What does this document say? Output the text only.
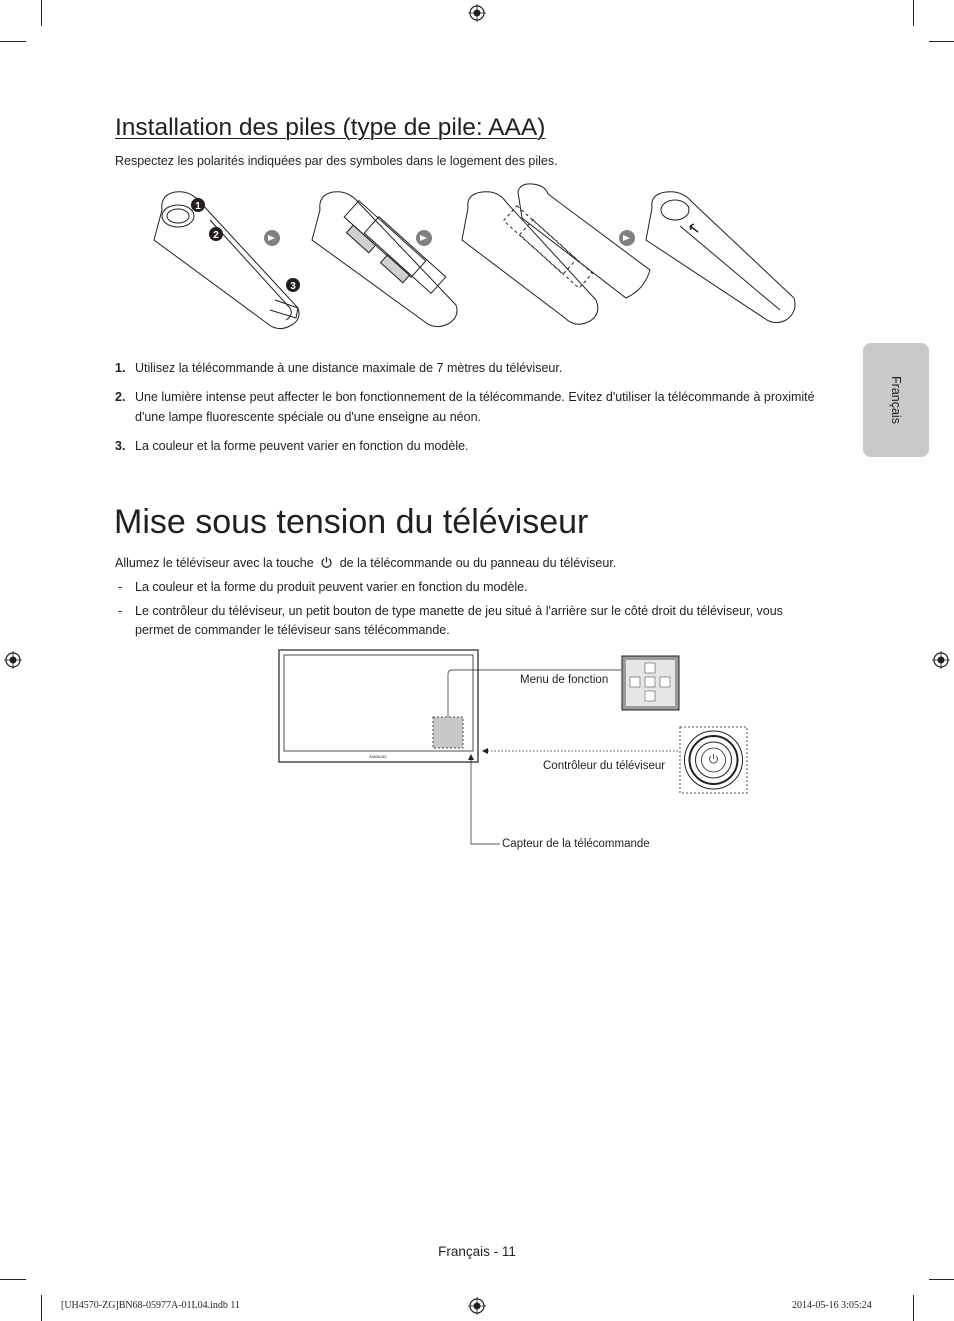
Français
Installation des piles (type de pile: AAA)
Respectez les polarités indiquées par des symboles dans le logement des piles.
1
2
3
1. Utilisez la télécommande à une distance maximale de 7 mètres du téléviseur.
2. Une lumière intense peut affecter le bon fonctionnement de la télécommande. Evitez d'utiliser la télécommande à proximité
d'une lampe fluorescente spéciale ou d'une enseigne au néon.
3. La couleur et la forme peuvent varier en fonction du modèle.
Mise sous tension du téléviseur
Allumez le téléviseur avec la touche de la télécommande ou du panneau du téléviseur.
- La couleur et la forme du produit peuvent varier en fonction du modèle.
- Le contrôleur du téléviseur, un petit bouton de type manette de jeu situé à l'arrière sur le côté droit du téléviseur, vous
permet de commander le téléviseur sans télécommande.
SAMSUNG
Menu de fonction
Contrôleur du téléviseur
Capteur de la télécommande
Français - 11
[UH4570-ZG]BN68-05977A-01L04.indb 11	2014-05-16 3:05:24
